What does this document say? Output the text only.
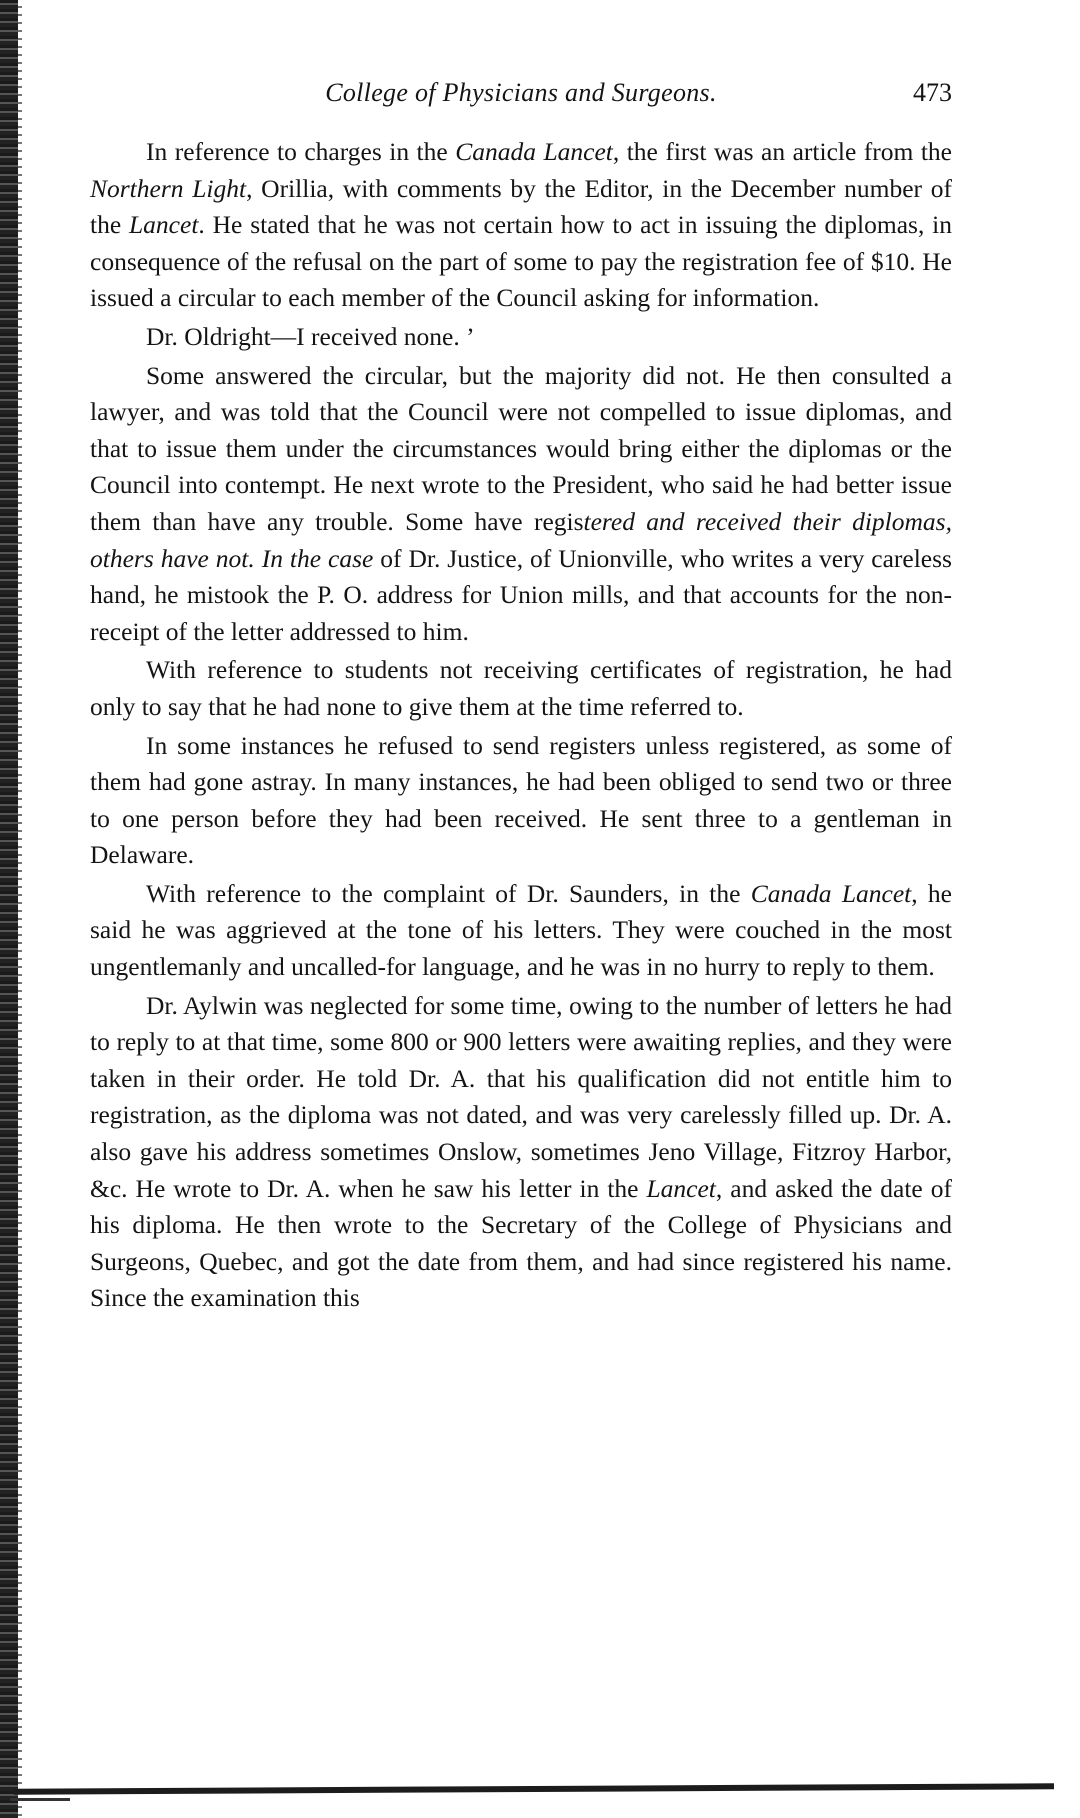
College of Physicians and Surgeons.	473

In reference to charges in the Canada Lancet, the first was an article from the Northern Light, Orillia, with comments by the Editor, in the December number of the Lancet. He stated that he was not certain how to act in issuing the diplomas, in consequence of the refusal on the part of some to pay the registration fee of $10. He issued a circular to each member of the Council asking for information.

Dr. Oldright—I received none. ’

Some answered the circular, but the majority did not. He then consulted a lawyer, and was told that the Council were not compelled to issue diplomas, and that to issue them under the circumstances would bring either the diplomas or the Council into contempt. He next wrote to the President, who said he had better issue them than have any trouble. Some have registered and received their diplomas, others have not. In the case of Dr. Justice, of Unionville, who writes a very careless hand, he mistook the P. O. address for Union mills, and that accounts for the non-receipt of the letter addressed to him.

With reference to students not receiving certificates of registration, he had only to say that he had none to give them at the time referred to.

In some instances he refused to send registers unless registered, as some of them had gone astray. In many instances, he had been obliged to send two or three to one person before they had been received. He sent three to a gentleman in Delaware.

With reference to the complaint of Dr. Saunders, in the Canada Lancet, he said he was aggrieved at the tone of his letters. They were couched in the most ungentlemanly and uncalled-for language, and he was in no hurry to reply to them.

Dr. Aylwin was neglected for some time, owing to the number of letters he had to reply to at that time, some 800 or 900 letters were awaiting replies, and they were taken in their order. He told Dr. A. that his qualification did not entitle him to registration, as the diploma was not dated, and was very carelessly filled up. Dr. A. also gave his address sometimes Onslow, sometimes Jeno Village, Fitzroy Harbor, &c. He wrote to Dr. A. when he saw his letter in the Lancet, and asked the date of his diploma. He then wrote to the Secretary of the College of Physicians and Surgeons, Quebec, and got the date from them, and had since registered his name. Since the examination this
